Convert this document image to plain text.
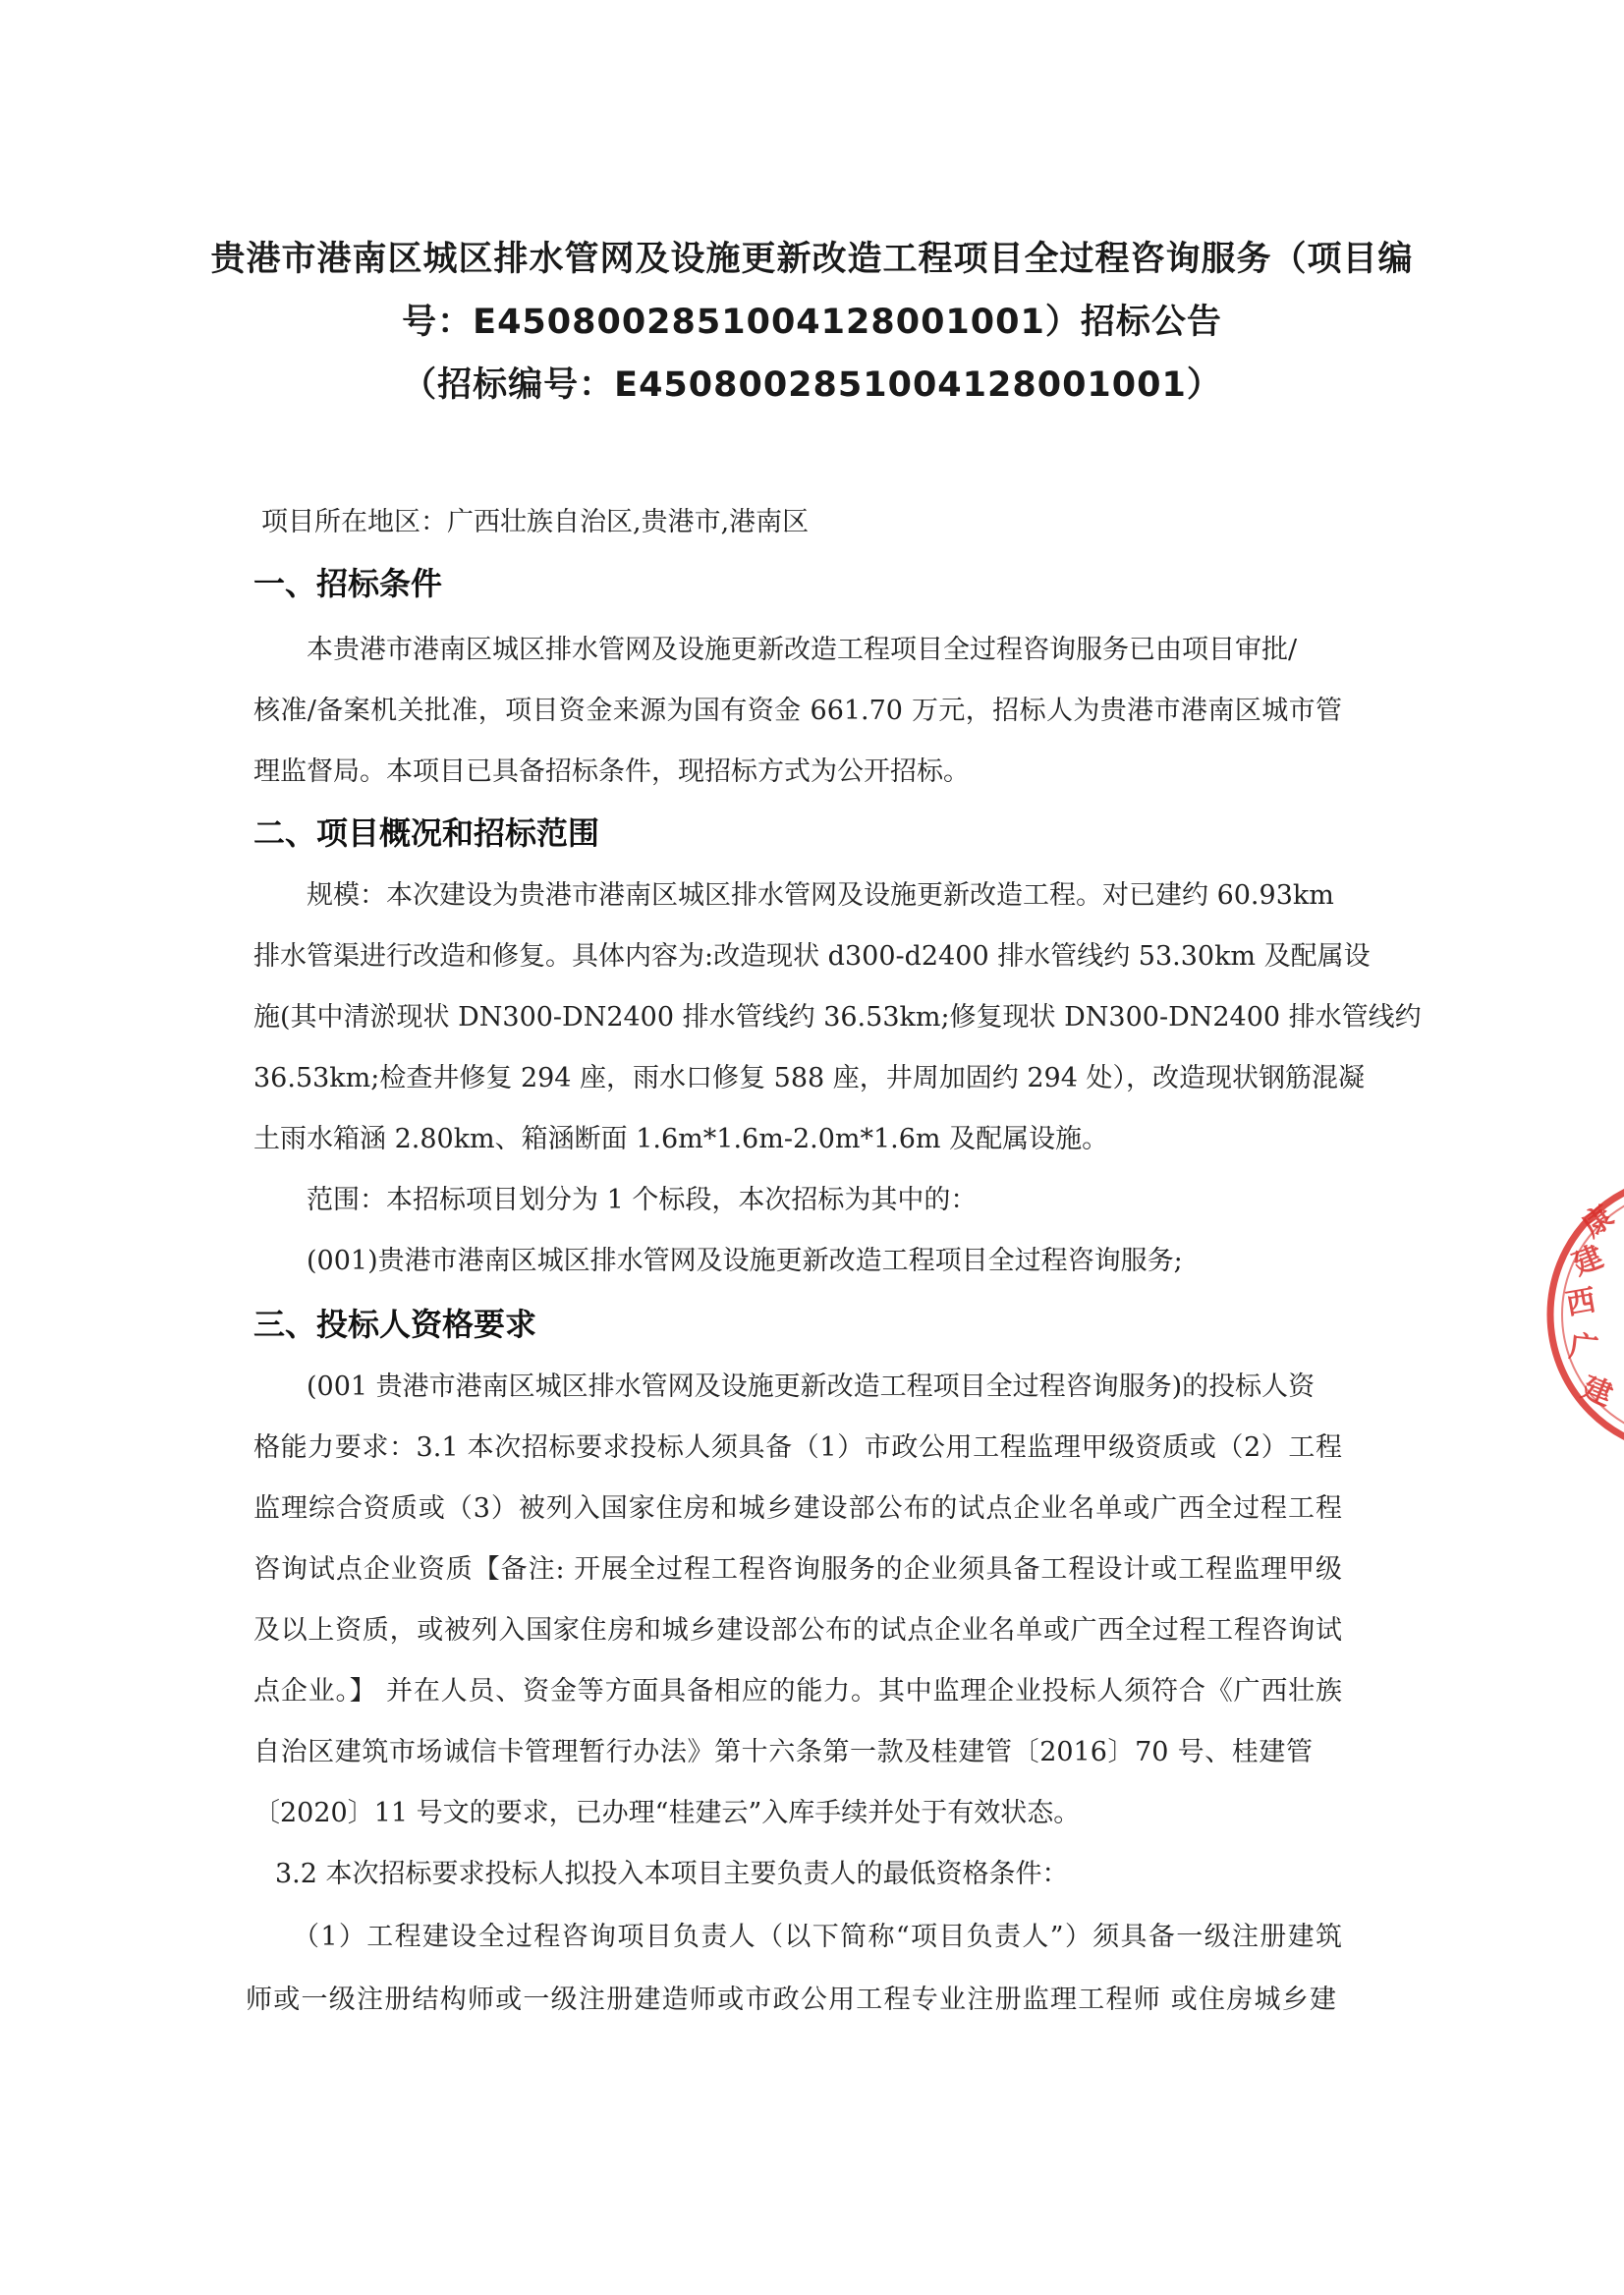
贵港市港南区城区排水管网及设施更新改造工程项目全过程咨询服务（项目编
号：E4508002851004128001001）招标公告
（招标编号：E4508002851004128001001）
项目所在地区：广西壮族自治区,贵港市,港南区
一、招标条件
本贵港市港南区城区排水管网及设施更新改造工程项目全过程咨询服务已由项目审批/
核准/备案机关批准，项目资金来源为国有资金 661.70 万元，招标人为贵港市港南区城市管
理监督局。本项目已具备招标条件，现招标方式为公开招标。
二、项目概况和招标范围
规模：本次建设为贵港市港南区城区排水管网及设施更新改造工程。对已建约 60.93km
排水管渠进行改造和修复。具体内容为:改造现状 d300-d2400 排水管线约 53.30km 及配属设
施(其中清淤现状 DN300-DN2400 排水管线约 36.53km;修复现状 DN300-DN2400 排水管线约
36.53km;检查井修复 294 座，雨水口修复 588 座，井周加固约 294 处），改造现状钢筋混凝
土雨水箱涵 2.80km、箱涵断面 1.6m*1.6m-2.0m*1.6m 及配属设施。
范围：本招标项目划分为 1 个标段，本次招标为其中的：
(001)贵港市港南区城区排水管网及设施更新改造工程项目全过程咨询服务;
三、投标人资格要求
(001 贵港市港南区城区排水管网及设施更新改造工程项目全过程咨询服务)的投标人资
格能力要求：3.1 本次招标要求投标人须具备（1）市政公用工程监理甲级资质或（2）工程
监理综合资质或（3）被列入国家住房和城乡建设部公布的试点企业名单或广西全过程工程
咨询试点企业资质【备注: 开展全过程工程咨询服务的企业须具备工程设计或工程监理甲级
及以上资质，或被列入国家住房和城乡建设部公布的试点企业名单或广西全过程工程咨询试
点企业。】 并在人员、资金等方面具备相应的能力。其中监理企业投标人须符合《广西壮族
自治区建筑市场诚信卡管理暂行办法》第十六条第一款及桂建管〔2016〕70 号、桂建管
〔2020〕11 号文的要求，已办理“桂建云”入库手续并处于有效状态。
3.2 本次招标要求投标人拟投入本项目主要负责人的最低资格条件：
（1）工程建设全过程咨询项目负责人（以下简称“项目负责人”）须具备一级注册建筑
师或一级注册结构师或一级注册建造师或市政公用工程专业注册监理工程师 或住房城乡建
西
建
康
广
建
